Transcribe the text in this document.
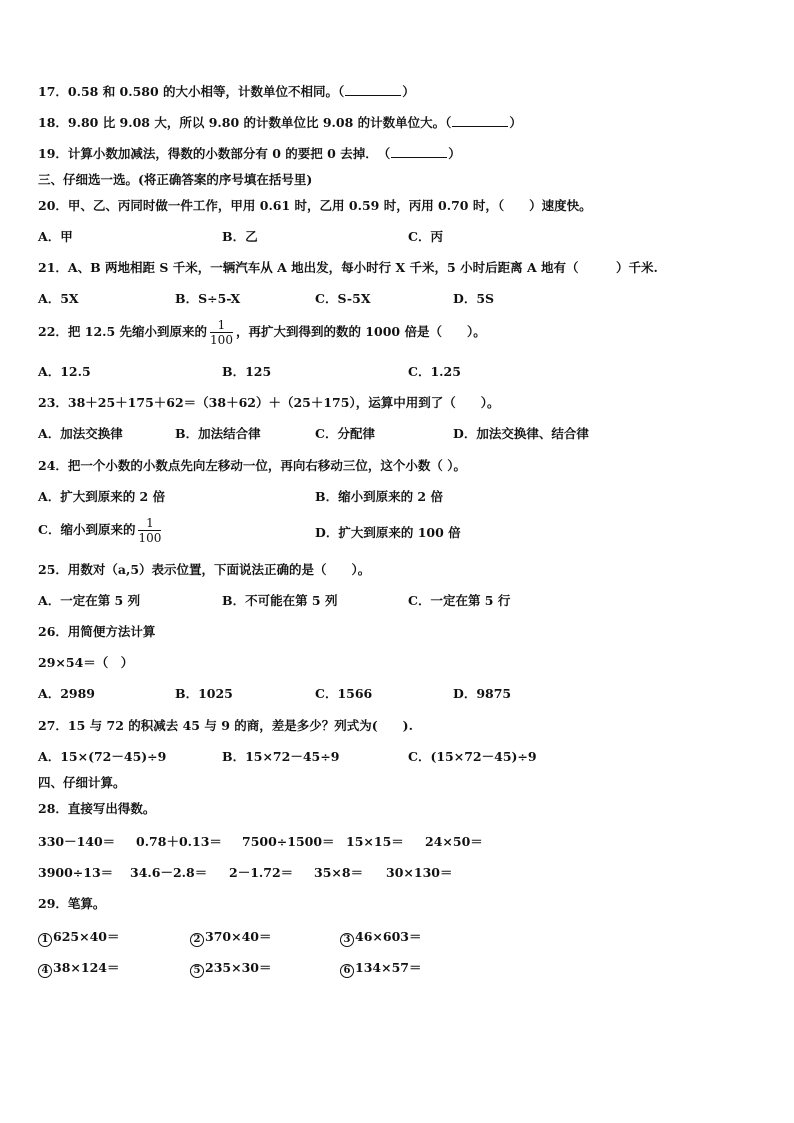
17．0.58 和 0.580 的大小相等，计数单位不相同。（	）
18．9.80 比 9.08 大，所以 9.80 的计数单位比 9.08 的计数单位大。（	）
19．计算小数加减法，得数的小数部分有 0 的要把 0 去掉．　（	）
三、仔细选一选。(将正确答案的序号填在括号里)
20．甲、乙、丙同时做一件工作，甲用 0.61 时，乙用 0.59 时，丙用 0.70 时，（　　）速度快。
A．甲	B．乙	C．丙
21．A、B 两地相距 S 千米，一辆汽车从 A 地出发，每小时行 X 千米，5 小时后距离 A 地有（　　　）千米.
A．5X	B．S÷5-X	C．S-5X	D．5S
22．把 12.5 先缩小到原来的 $\frac{1}{100}$ ，再扩大到得到的数的 1000 倍是（　　）。
A．12.5	B．125	C．1.25
23．38＋25＋175＋62＝（38＋62）＋（25＋175），运算中用到了（　　）。
A．加法交换律	B．加法结合律	C．分配律	D．加法交换律、结合律
24．把一个小数的小数点先向左移动一位，再向右移动三位，这个小数（ ）。
A．扩大到原来的 2 倍	B．缩小到原来的 2 倍
C．缩小到原来的 $\frac{1}{100}$	D．扩大到原来的 100 倍
25．用数对（a,5）表示位置，下面说法正确的是（　　）。
A．一定在第 5 列	B．不可能在第 5 列	C．一定在第 5 行
26．用简便方法计算
29×54＝（　）
A．2989	B．1025	C．1566	D．9875
27．15 与 72 的积减去 45 与 9 的商，差是多少？列式为(　　).
A．15×(72－45)÷9	B．15×72－45÷9	C．(15×72－45)÷9
四、仔细计算。
28．直接写出得数。
330－140＝ 0.78＋0.13＝ 7500÷1500＝ 15×15＝ 24×50＝
3900÷13＝ 34.6－2.8＝ 2－1.72＝ 35×8＝ 30×130＝
29．笔算。
1 625×40＝	2 370×40＝	3 46×603＝
4 38×124＝	5 235×30＝	6 134×57＝
